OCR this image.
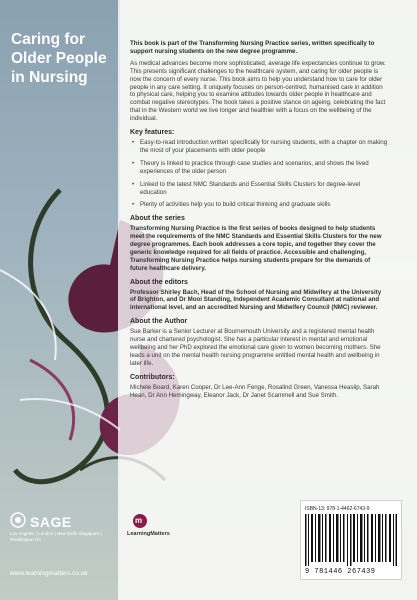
Caring for Older People in Nursing

This book is part of the Transforming Nursing Practice series, written specifically to support nursing students on the new degree programme.

As medical advances become more sophisticated, average life expectancies continue to grow. This presents significant challenges to the healthcare system, and caring for older people is now the concern of every nurse. This book aims to help you understand how to care for older people in any care setting. It uniquely focuses on person-centred, humanised care in addition to physical care, helping you to examine attitudes towards older people in healthcare and combat negative stereotypes. The book takes a positive stance on ageing, celebrating the fact that in the Western world we live longer and healthier with a focus on the wellbeing of the individual.

Key features:
• Easy-to-read introduction written specifically for nursing students, with a chapter on making the most of your placements with older people
• Theory is linked to practice through case studies and scenarios, and shows the lived experiences of the older person
• Linked to the latest NMC Standards and Essential Skills Clusters for degree-level education
• Plenty of activities help you to build critical thinking and graduate skills
About the series

Transforming Nursing Practice is the first series of books designed to help students meet the requirements of the NMC Standards and Essential Skills Clusters for the new degree programmes. Each book addresses a core topic, and together they cover the generic knowledge required for all fields of practice. Accessible and challenging, Transforming Nursing Practice helps nursing students prepare for the demands of future healthcare delivery.

About the editors

Professor Shirley Bach, Head of the School of Nursing and Midwifery at the University of Brighton, and Dr Mooi Standing, Independent Academic Consultant at national and international level, and an accredited Nursing and Midwifery Council (NMC) reviewer.

About the Author

Sue Barker is a Senior Lecturer at Bournemouth University and a registered mental health nurse and chartered psychologist. She has a particular interest in mental and emotional wellbeing and her PhD explored the emotional care given to women becoming mothers. She leads a unit on the mental health nursing programme entitled mental health and wellbeing in later life.

Contributors:

Michele Board, Karen Cooper, Dr Lee-Ann Fenge, Rosalind Green, Vanessa Heaslip, Sarah Hean, Dr Ann Hemingway, Eleanor Jack, Dr Janet Scammell and Sue Smith.

SAGE
Los Angeles | London | New Delhi Singapore | Washington DC
m
LearningMatters
www.learningmatters.co.uk
ISBN-13: 978-1-4462-6743-9
9 781446 267439
